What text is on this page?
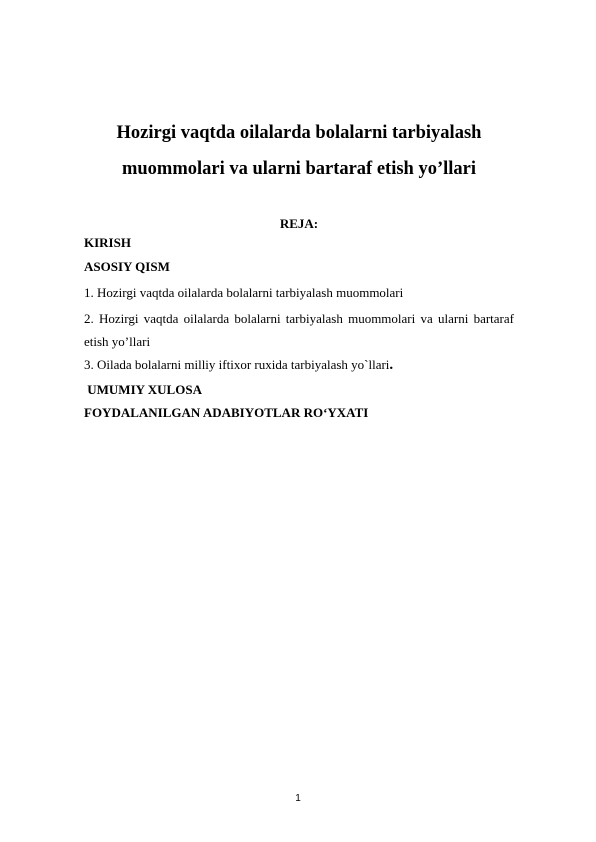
Hozirgi vaqtda oilalarda bolalarni tarbiyalash
muommolari va ularni bartaraf etish yo’llari
REJA:
KIRISH
ASOSIY QISM
1. Hozirgi vaqtda oilalarda bolalarni tarbiyalash muommolari
2. Hozirgi vaqtda oilalarda bolalarni tarbiyalash muommolari va ularni bartaraf
etish yo’llari
3. Oilada bolalarni milliy iftixor ruxida tarbiyalash yo`llari.
UMUMIY XULOSA
FOYDALANILGAN ADABIYOTLAR RO‘YXATI
1
